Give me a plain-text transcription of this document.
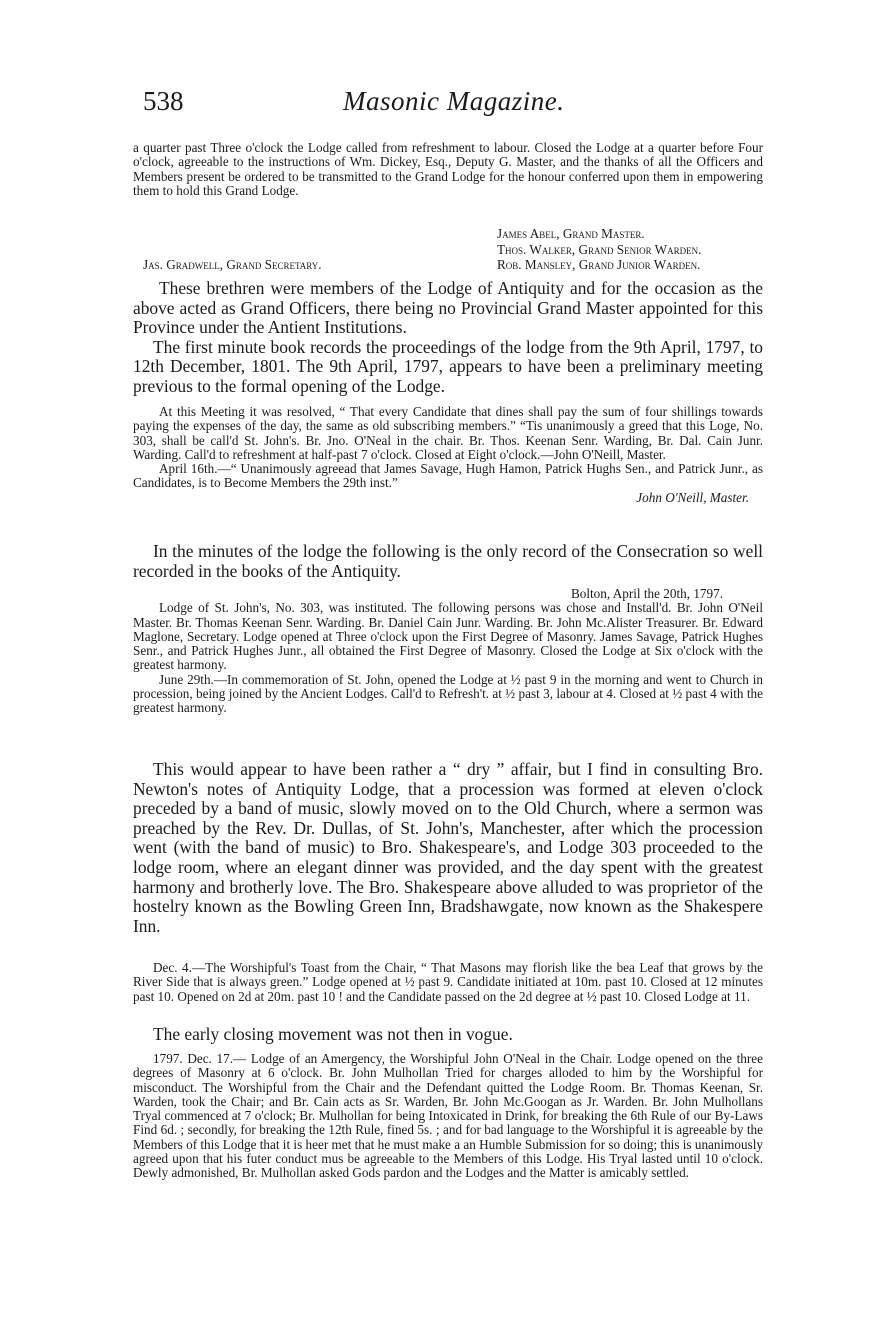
538	Masonic Magazine.

a quarter past Three o'clock the Lodge called from refreshment to labour. Closed the Lodge at a quarter before Four o'clock, agreeable to the instructions of Wm. Dickey, Esq., Deputy G. Master, and the thanks of all the Officers and Members present be ordered to be transmitted to the Grand Lodge for the honour conferred upon them in empowering them to hold this Grand Lodge.

James Abel, Grand Master.
Thos. Walker, Grand Senior Warden.
Jas. Gradwell, Grand Secretary.	Rob. Mansley, Grand Junior Warden.

These brethren were members of the Lodge of Antiquity and for the occasion as the above acted as Grand Officers, there being no Provincial Grand Master appointed for this Province under the Antient Institutions.

The first minute book records the proceedings of the lodge from the 9th April, 1797, to 12th December, 1801. The 9th April, 1797, appears to have been a preliminary meeting previous to the formal opening of the Lodge.

At this Meeting it was resolved, “ That every Candidate that dines shall pay the sum of four shillings towards paying the expenses of the day, the same as old subscribing members.” “Tis unanimously a greed that this Loge, No. 303, shall be call'd St. John's. Br. Jno. O'Neal in the chair. Br. Thos. Keenan Senr. Warding, Br. Dal. Cain Junr. Warding. Call'd to refreshment at half-past 7 o'clock. Closed at Eight o'clock.—John O'Neill, Master.

April 16th.—“ Unanimously agreead that James Savage, Hugh Hamon, Patrick Hughs Sen., and Patrick Junr., as Candidates, is to Become Members the 29th inst.”

John O'Neill, Master.

In the minutes of the lodge the following is the only record of the Consecration so well recorded in the books of the Antiquity.

Bolton, April the 20th, 1797.

Lodge of St. John's, No. 303, was instituted. The following persons was chose and Install'd. Br. John O'Neil Master. Br. Thomas Keenan Senr. Warding. Br. Daniel Cain Junr. Warding. Br. John Mc.Alister Treasurer. Br. Edward Maglone, Secretary. Lodge opened at Three o'clock upon the First Degree of Masonry. James Savage, Patrick Hughes Senr., and Patrick Hughes Junr., all obtained the First Degree of Masonry. Closed the Lodge at Six o'clock with the greatest harmony.

June 29th.—In commemoration of St. John, opened the Lodge at ½ past 9 in the morning and went to Church in procession, being joined by the Ancient Lodges. Call'd to Refresh't. at ½ past 3, labour at 4. Closed at ½ past 4 with the greatest harmony.

This would appear to have been rather a “ dry ” affair, but I find in consulting Bro. Newton's notes of Antiquity Lodge, that a procession was formed at eleven o'clock preceded by a band of music, slowly moved on to the Old Church, where a sermon was preached by the Rev. Dr. Dullas, of St. John's, Manchester, after which the procession went (with the band of music) to Bro. Shakespeare's, and Lodge 303 proceeded to the lodge room, where an elegant dinner was provided, and the day spent with the greatest harmony and brotherly love. The Bro. Shakespeare above alluded to was proprietor of the hostelry known as the Bowling Green Inn, Bradshawgate, now known as the Shakespere Inn.

Dec. 4.—The Worshipful's Toast from the Chair, “ That Masons may florish like the bea Leaf that grows by the River Side that is always green.” Lodge opened at ½ past 9. Candidate initiated at 10m. past 10. Closed at 12 minutes past 10. Opened on 2d at 20m. past 10 ! and the Candidate passed on the 2d degree at ½ past 10. Closed Lodge at 11.

The early closing movement was not then in vogue.

1797. Dec. 17.— Lodge of an Amergency, the Worshipful John O'Neal in the Chair. Lodge opened on the three degrees of Masonry at 6 o'clock. Br. John Mulhollan Tried for charges alloded to him by the Worshipful for misconduct. The Worshipful from the Chair and the Defendant quitted the Lodge Room. Br. Thomas Keenan, Sr. Warden, took the Chair; and Br. Cain acts as Sr. Warden, Br. John Mc.Googan as Jr. Warden. Br. John Mulhollans Tryal commenced at 7 o'clock; Br. Mulhollan for being Intoxicated in Drink, for breaking the 6th Rule of our By-Laws Find 6d. ; secondly, for breaking the 12th Rule, fined 5s. ; and for bad language to the Worshipful it is agreeable by the Members of this Lodge that it is heer met that he must make a an Humble Submission for so doing; this is unanimously agreed upon that his futer conduct mus be agreeable to the Members of this Lodge. His Tryal lasted until 10 o'clock. Dewly admonished, Br. Mulhollan asked Gods pardon and the Lodges and the Matter is amicably settled.
